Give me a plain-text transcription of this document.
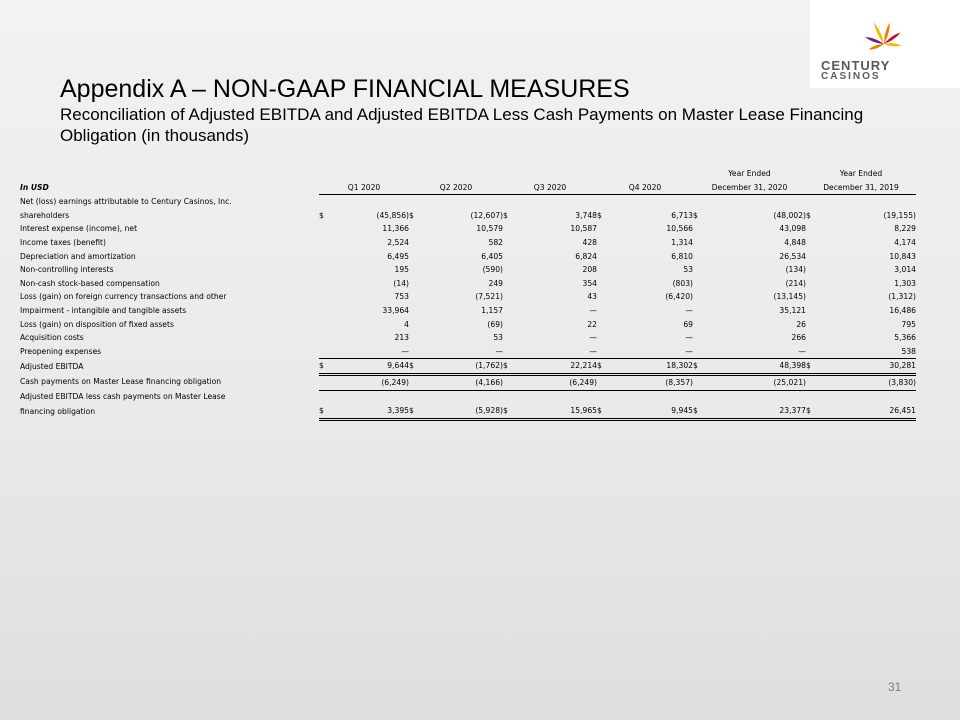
CENTURY
CASINOS
Appendix A – NON-GAAP FINANCIAL MEASURES
Reconciliation of Adjusted EBITDA and Adjusted EBITDA Less Cash Payments on Master Lease Financing Obligation (in thousands)
									Year Ended		Year Ended	
In USD	Q1 2020		Q2 2020		Q3 2020		Q4 2020		December 31, 2020		December 31, 2019	
Net (loss) earnings attributable to Century Casinos, Inc.												
shareholders	$	(45,856)	$	(12,607)	$	3,748	$	6,713	$	(48,002)	$	(19,155)
Interest expense (income), net		11,366		10,579		10,587		10,566		43,098		8,229
Income taxes (benefit)		2,524		582		428		1,314		4,848		4,174
Depreciation and amortization		6,495		6,405		6,824		6,810		26,534		10,843
Non-controlling interests		195		(590)		208		53		(134)		3,014
Non-cash stock-based compensation		(14)		249		354		(803)		(214)		1,303
Loss (gain) on foreign currency transactions and other		753		(7,521)		43		(6,420)		(13,145)		(1,312)
Impairment - intangible and tangible assets		33,964		1,157		—		—		35,121		16,486
Loss (gain) on disposition of fixed assets		4		(69)		22		69		26		795
Acquisition costs		213		53		—		—		266		5,366
Preopening expenses		—		—		—		—		—		538
Adjusted EBITDA	$	9,644	$	(1,762)	$	22,214	$	18,302	$	48,398	$	30,281
Cash payments on Master Lease financing obligation		(6,249)		(4,166)		(6,249)		(8,357)		(25,021)		(3,830)
Adjusted EBITDA less cash payments on Master Lease												
financing obligation	$	3,395	$	(5,928)	$	15,965	$	9,945	$	23,377	$	26,451
31
